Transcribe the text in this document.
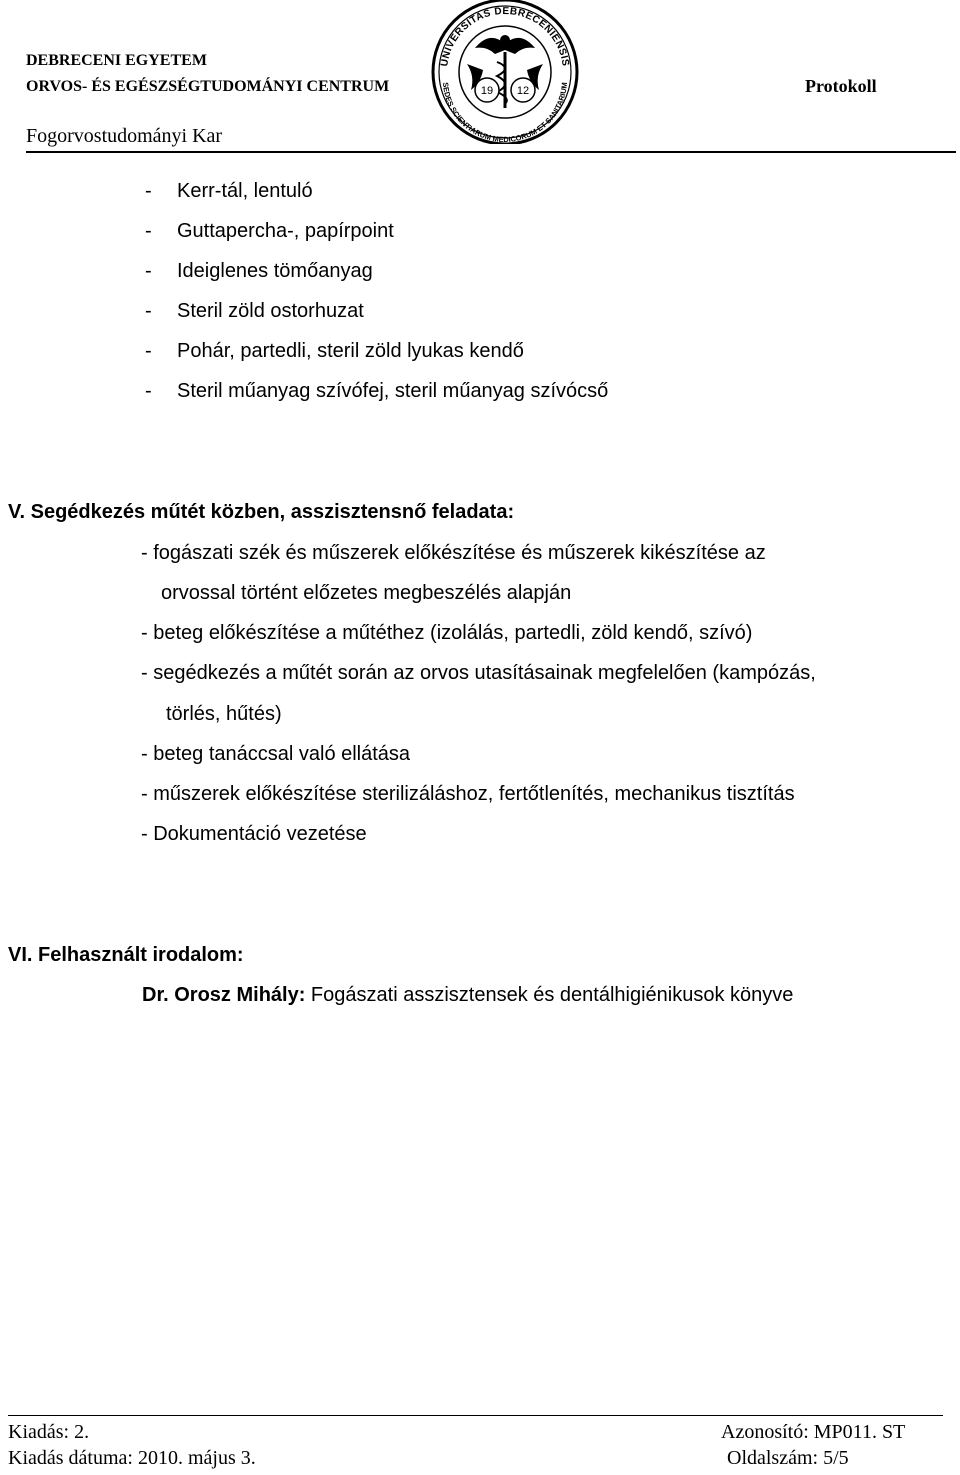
DEBRECENI EGYETEM
ORVOS- ÉS EGÉSZSÉGTUDOMÁNYI CENTRUM
Fogorvostudományi Kar
Protokoll
UNIVERSITAS DEBRECENIENSIS
SEDES SCIENTIARUM MEDICORUM ET SANITARIUM
19 12
- Kerr-tál, lentuló
- Guttapercha-, papírpoint
- Ideiglenes tömőanyag
- Steril zöld ostorhuzat
- Pohár, partedli, steril zöld lyukas kendő
- Steril műanyag szívófej, steril műanyag szívócső
V. Segédkezés műtét közben, asszisztensnő feladata:
- fogászati szék és műszerek előkészítése és műszerek kikészítése az
orvossal történt előzetes megbeszélés alapján
- beteg előkészítése a műtéthez (izolálás, partedli, zöld kendő, szívó)
- segédkezés a műtét során az orvos utasításainak megfelelően (kampózás,
törlés, hűtés)
- beteg tanáccsal való ellátása
- műszerek előkészítése sterilizáláshoz, fertőtlenítés, mechanikus tisztítás
- Dokumentáció vezetése
VI. Felhasznált irodalom:
Dr. Orosz Mihály: Fogászati asszisztensek és dentálhigiénikusok könyve
Kiadás: 2.
Kiadás dátuma: 2010. május 3.
Azonosító: MP011. ST
Oldalszám: 5/5
